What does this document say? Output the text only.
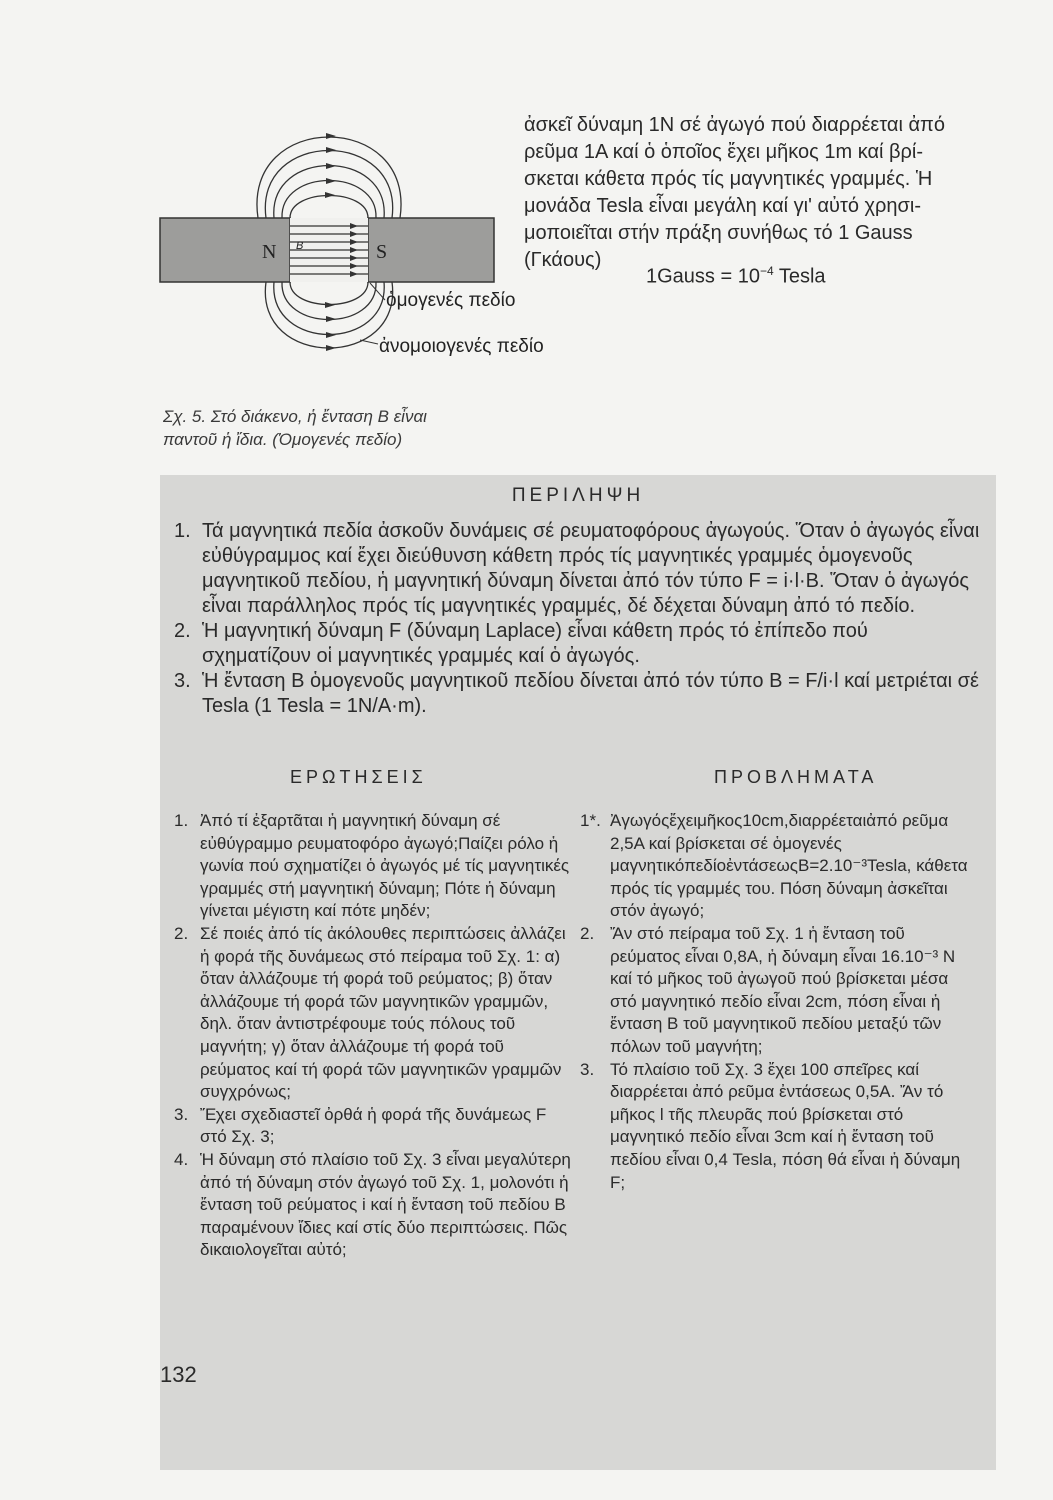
N	S
B
ὁμογενές πεδίο
ἀνομοιογενές πεδίο

ἀσκεῖ δύναμη 1Ν σέ ἀγωγό πού διαρρέεται ἀπό

ρεῦμα 1Α καί ὁ ὁποῖος ἔχει μῆκος 1m καί βρί-

σκεται κάθετα πρός τίς μαγνητικές γραμμές. Ἡ

μονάδα Tesla εἶναι μεγάλη καί γι' αὐτό χρησι-

μοποιεῖται στήν πράξη συνήθως τό 1 Gauss

(Γκάους)

1Gauss = $10^{-4}$ Tesla

Σχ. 5. Στό διάκενο, ἡ ἔνταση Β εἶναι

παντοῦ ἡ ἴδια. (Ὁμογενές πεδίο)

ΠΕΡΙΛΗΨΗ
1. Τά μαγνητικά πεδία ἀσκοῦν δυνάμεις σέ ρευματοφόρους ἀγωγούς. Ὅταν ὁ ἀγωγός εἶναι εὐθύγραμμος καί ἔχει διεύθυνση κάθετη πρός τίς μαγνητικές γραμμές ὁμογενοῦς μαγνητικοῦ πεδίου, ἡ μαγνητική δύναμη δίνεται ἀπό τόν τύπο F = i·l·B. Ὅταν ὁ ἀγωγός εἶναι παράλληλος πρός τίς μαγνητικές γραμμές, δέ δέχεται δύναμη ἀπό τό πεδίο.
2. Ἡ μαγνητική δύναμη F (δύναμη Laplace) εἶναι κάθετη πρός τό ἐπίπεδο πού σχηματίζουν οἱ μαγνητικές γραμμές καί ὁ ἀγωγός.
3. Ἡ ἔνταση Β ὁμογενοῦς μαγνητικοῦ πεδίου δίνεται ἀπό τόν τύπο Β = F/i·l καί μετριέται σέ Tesla (1 Tesla = 1N/A·m).
ΕΡΩΤΗΣΕΙΣ	ΠΡΟΒΛΗΜΑΤΑ
1. Ἀπό τί ἐξαρτᾶται ἡ μαγνητική δύναμη σέ εὐθύγραμμο ρευματοφόρο ἀγωγό;Παίζει ρόλο ἡ γωνία πού σχηματίζει ὁ ἀγωγός μέ τίς μαγνητικές γραμμές στή μαγνητική δύναμη; Πότε ἡ δύναμη γίνεται μέγιστη καί πότε μηδέν;
2. Σέ ποιές ἀπό τίς ἀκόλουθες περιπτώσεις ἀλλάζει ἡ φορά τῆς δυνάμεως στό πείραμα τοῦ Σχ. 1: α) ὅταν ἀλλάζουμε τή φορά τοῦ ρεύματος; β) ὅταν ἀλλάζουμε τή φορά τῶν μαγνητικῶν γραμμῶν, δηλ. ὅταν ἀντιστρέφουμε τούς πόλους τοῦ μαγνήτη; γ) ὅταν ἀλλάζουμε τή φορά τοῦ ρεύματος καί τή φορά τῶν μαγνητικῶν γραμμῶν συγχρόνως;
3. Ἔχει σχεδιαστεῖ ὀρθά ἡ φορά τῆς δυνάμεως F στό Σχ. 3;
4. Ἡ δύναμη στό πλαίσιο τοῦ Σχ. 3 εἶναι μεγαλύτερη ἀπό τή δύναμη στόν ἀγωγό τοῦ Σχ. 1, μολονότι ἡ ἔνταση τοῦ ρεύματος i καί ἡ ἔνταση τοῦ πεδίου Β παραμένουν ἴδιες καί στίς δύο περιπτώσεις. Πῶς δικαιολογεῖται αὐτό;
1*. Ἀγωγόςἔχειμῆκος10cm,διαρρέεταιἀπό ρεῦμα 2,5Α καί βρίσκεται σέ ὁμογενές μαγνητικόπεδίοἐντάσεωςΒ=2.10⁻³Tesla, κάθετα πρός τίς γραμμές του. Πόση δύναμη ἀσκεῖται στόν ἀγωγό;
2. Ἄν στό πείραμα τοῦ Σχ. 1 ἡ ἔνταση τοῦ ρεύματος εἶναι 0,8Α, ἡ δύναμη εἶναι 16.10⁻³ N καί τό μῆκος τοῦ ἀγωγοῦ πού βρίσκεται μέσα στό μαγνητικό πεδίο εἶναι 2cm, πόση εἶναι ἡ ἔνταση Β τοῦ μαγνητικοῦ πεδίου μεταξύ τῶν πόλων τοῦ μαγνήτη;
3. Τό πλαίσιο τοῦ Σχ. 3 ἔχει 100 σπεῖρες καί διαρρέεται ἀπό ρεῦμα ἐντάσεως 0,5Α. Ἄν τό μῆκος l τῆς πλευρᾶς πού βρίσκεται στό μαγνητικό πεδίο εἶναι 3cm καί ἡ ἔνταση τοῦ πεδίου εἶναι 0,4 Tesla, πόση θά εἶναι ἡ δύναμη F;
132
